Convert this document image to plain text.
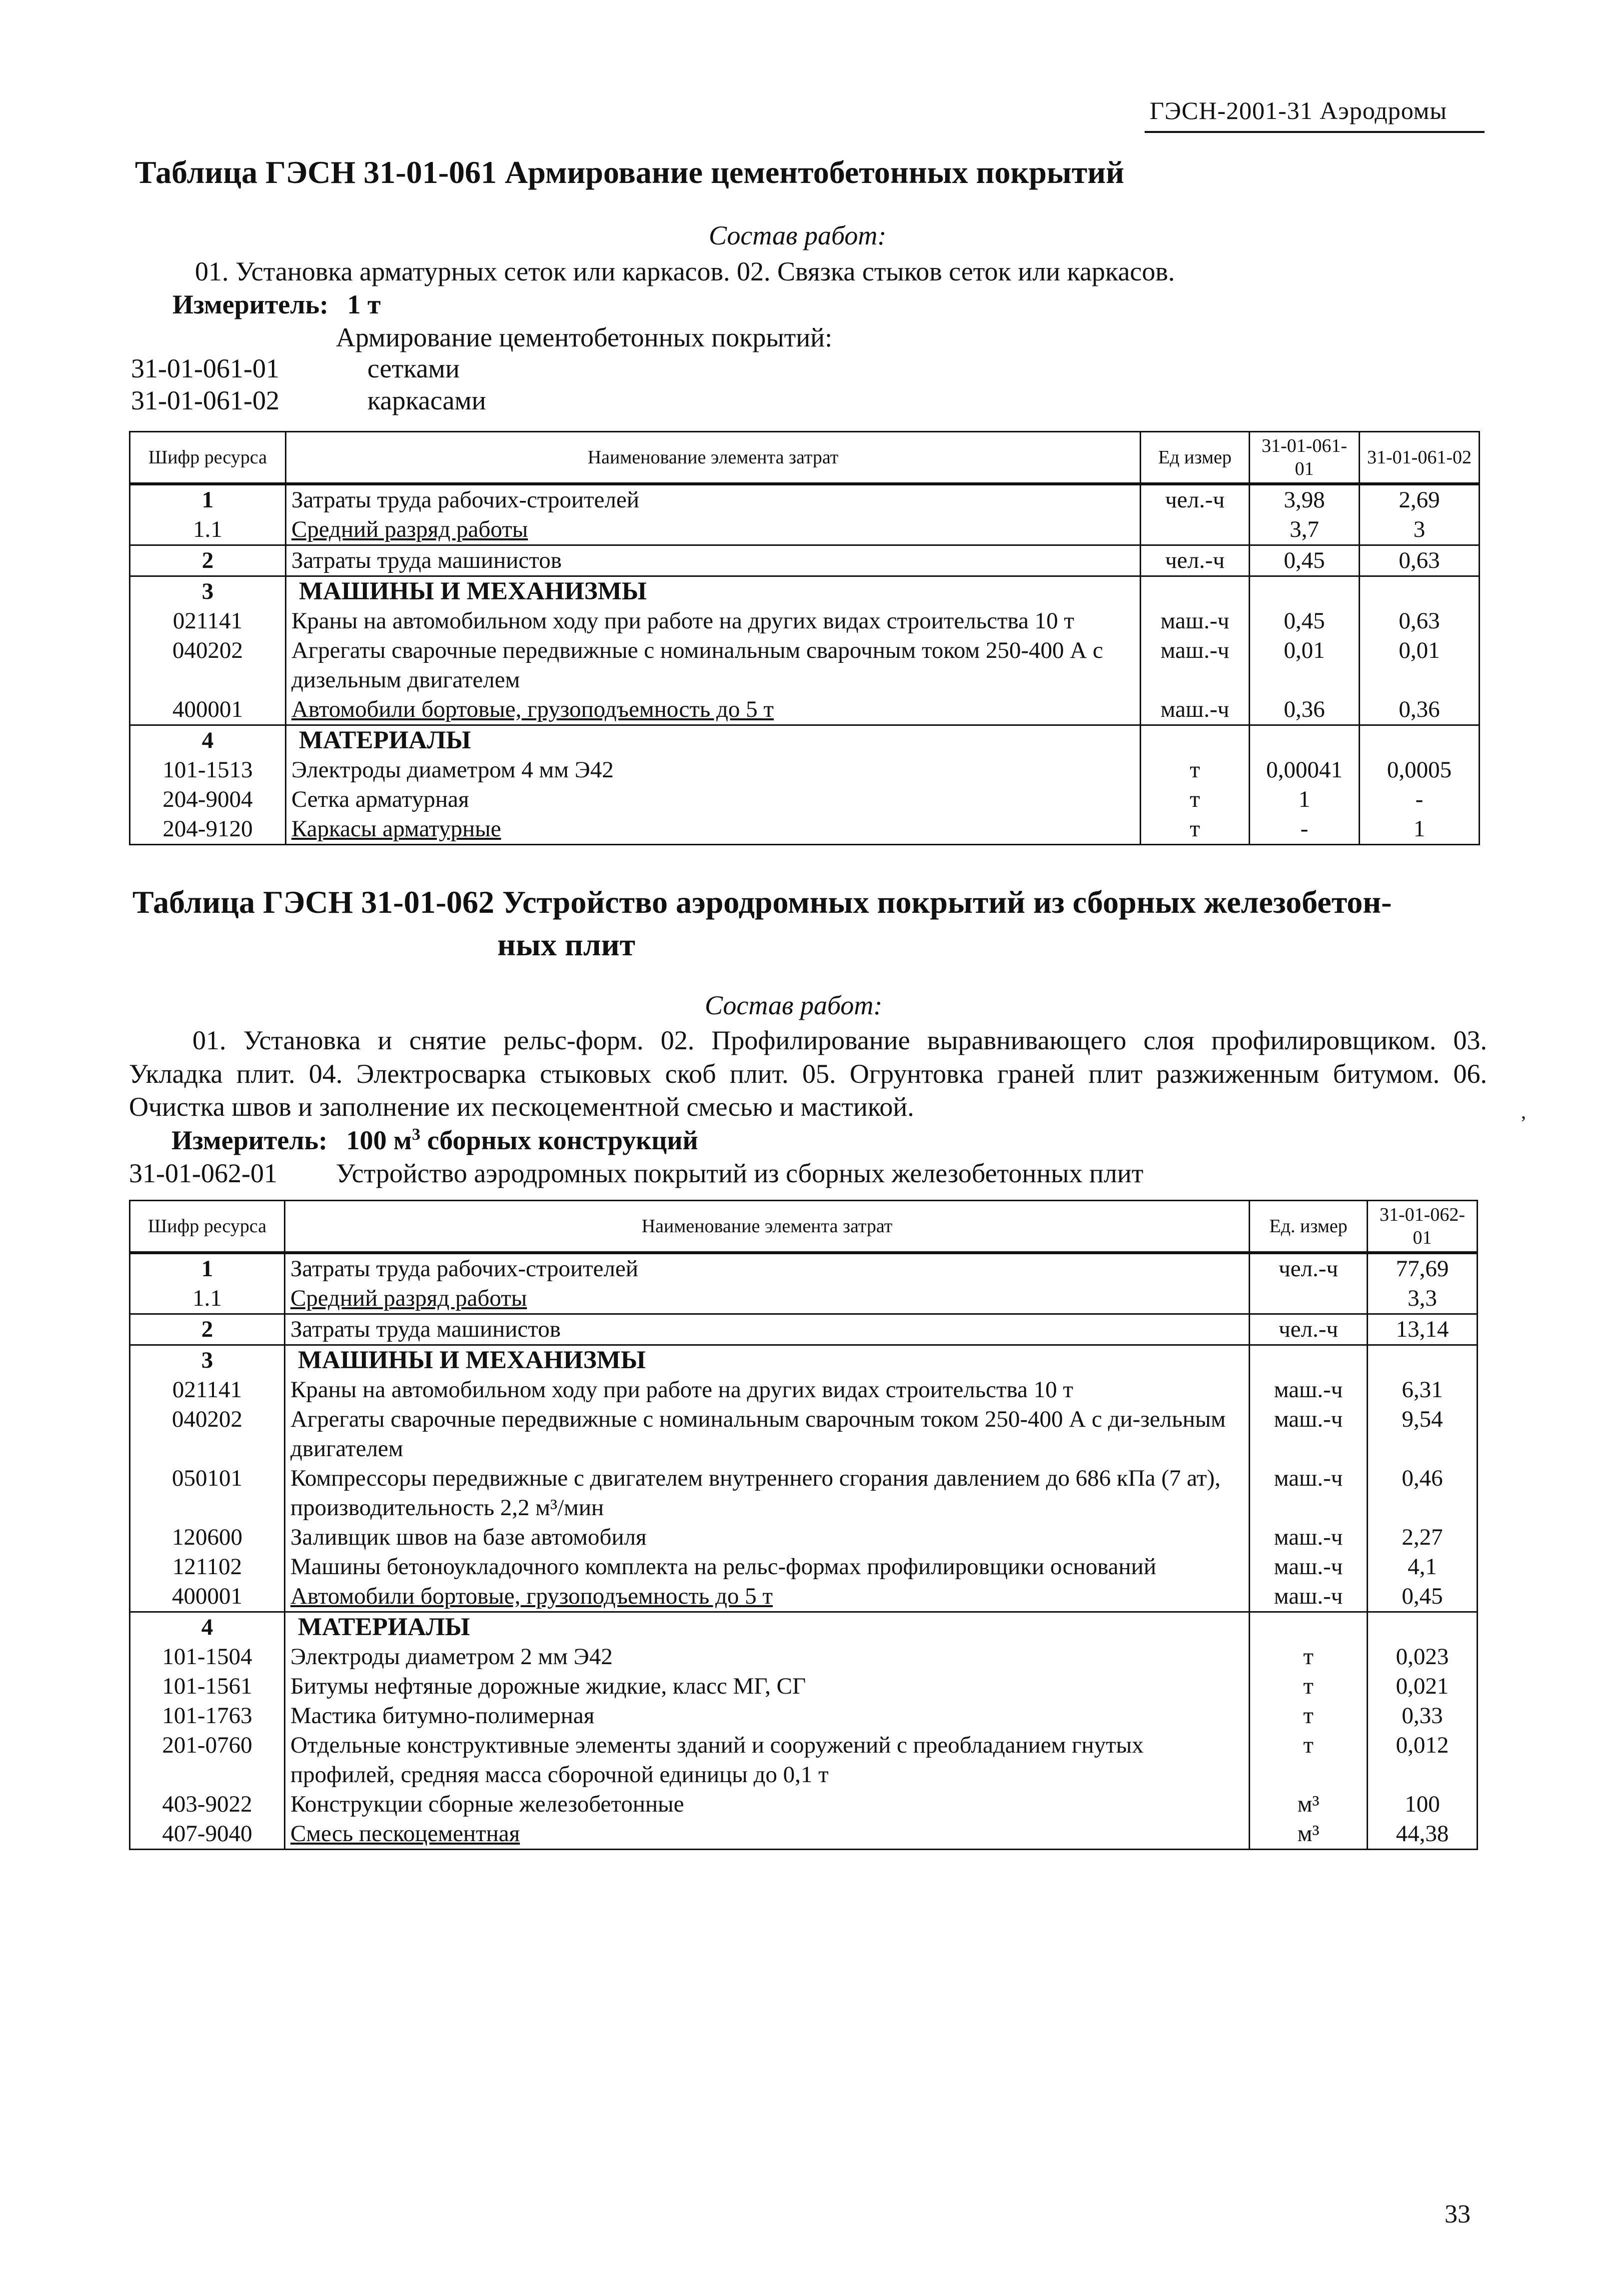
ГЭСН-2001-31 Аэродромы
Таблица ГЭСН 31-01-061 Армирование цементобетонных покрытий
Состав работ:
01. Установка арматурных сеток или каркасов. 02. Связка стыков сеток или каркасов.
Измеритель: 1 т
Армирование цементобетонных покрытий:
31-01-061-01	сетками
31-01-061-02	каркасами
Шифр ресурса	Наименование элемента затрат	Ед измер	31-01-061-01	31-01-061-02
1	Затраты труда рабочих-строителей	чел.-ч	3,98	2,69
1.1	Средний разряд работы		3,7	3
2	Затраты труда машинистов	чел.-ч	0,45	0,63
3	МАШИНЫ И МЕХАНИЗМЫ			
021141	Краны на автомобильном ходу при работе на других видах строительства 10 т	маш.-ч	0,45	0,63
040202	Агрегаты сварочные передвижные с номинальным сварочным током 250-400 А с дизельным двигателем	маш.-ч	0,01	0,01
400001	Автомобили бортовые, грузоподъемность до 5 т	маш.-ч	0,36	0,36
4	МАТЕРИАЛЫ			
101-1513	Электроды диаметром 4 мм Э42	т	0,00041	0,0005
204-9004	Сетка арматурная	т	1	-
204-9120	Каркасы арматурные	т	-	1
Таблица ГЭСН 31-01-062 Устройство аэродромных покрытий из сборных железобетон-
ных плит
Состав работ:
01. Установка и снятие рельс-форм. 02. Профилирование выравнивающего слоя профилировщиком. 03.
Укладка плит. 04. Электросварка стыковых скоб плит. 05. Огрунтовка граней плит разжиженным битумом. 06.
Очистка швов и заполнение их пескоцементной смесью и мастикой.
Измеритель: 100 $м^3$ сборных конструкций
31-01-062-01 Устройство аэродромных покрытий из сборных железобетонных плит
Шифр ресурса	Наименование элемента затрат	Ед. измер	31-01-062-01
1	Затраты труда рабочих-строителей	чел.-ч	77,69
1.1	Средний разряд работы		3,3
2	Затраты труда машинистов	чел.-ч	13,14
3	МАШИНЫ И МЕХАНИЗМЫ		
021141	Краны на автомобильном ходу при работе на других видах строительства 10 т	маш.-ч	6,31
040202	Агрегаты сварочные передвижные с номинальным сварочным током 250-400 А с ди-зельным двигателем	маш.-ч	9,54
050101	Компрессоры передвижные с двигателем внутреннего сгорания давлением до 686 кПа (7 ат), производительность 2,2 м³/мин	маш.-ч	0,46
120600	Заливщик швов на базе автомобиля	маш.-ч	2,27
121102	Машины бетоноукладочного комплекта на рельс-формах профилировщики оснований	маш.-ч	4,1
400001	Автомобили бортовые, грузоподъемность до 5 т	маш.-ч	0,45
4	МАТЕРИАЛЫ		
101-1504	Электроды диаметром 2 мм Э42	т	0,023
101-1561	Битумы нефтяные дорожные жидкие, класс МГ, СГ	т	0,021
101-1763	Мастика битумно-полимерная	т	0,33
201-0760	Отдельные конструктивные элементы зданий и сооружений с преобладанием гнутых профилей, средняя масса сборочной единицы до 0,1 т	т	0,012
403-9022	Конструкции сборные железобетонные	м³	100
407-9040	Смесь пескоцементная	м³	44,38
,
33
